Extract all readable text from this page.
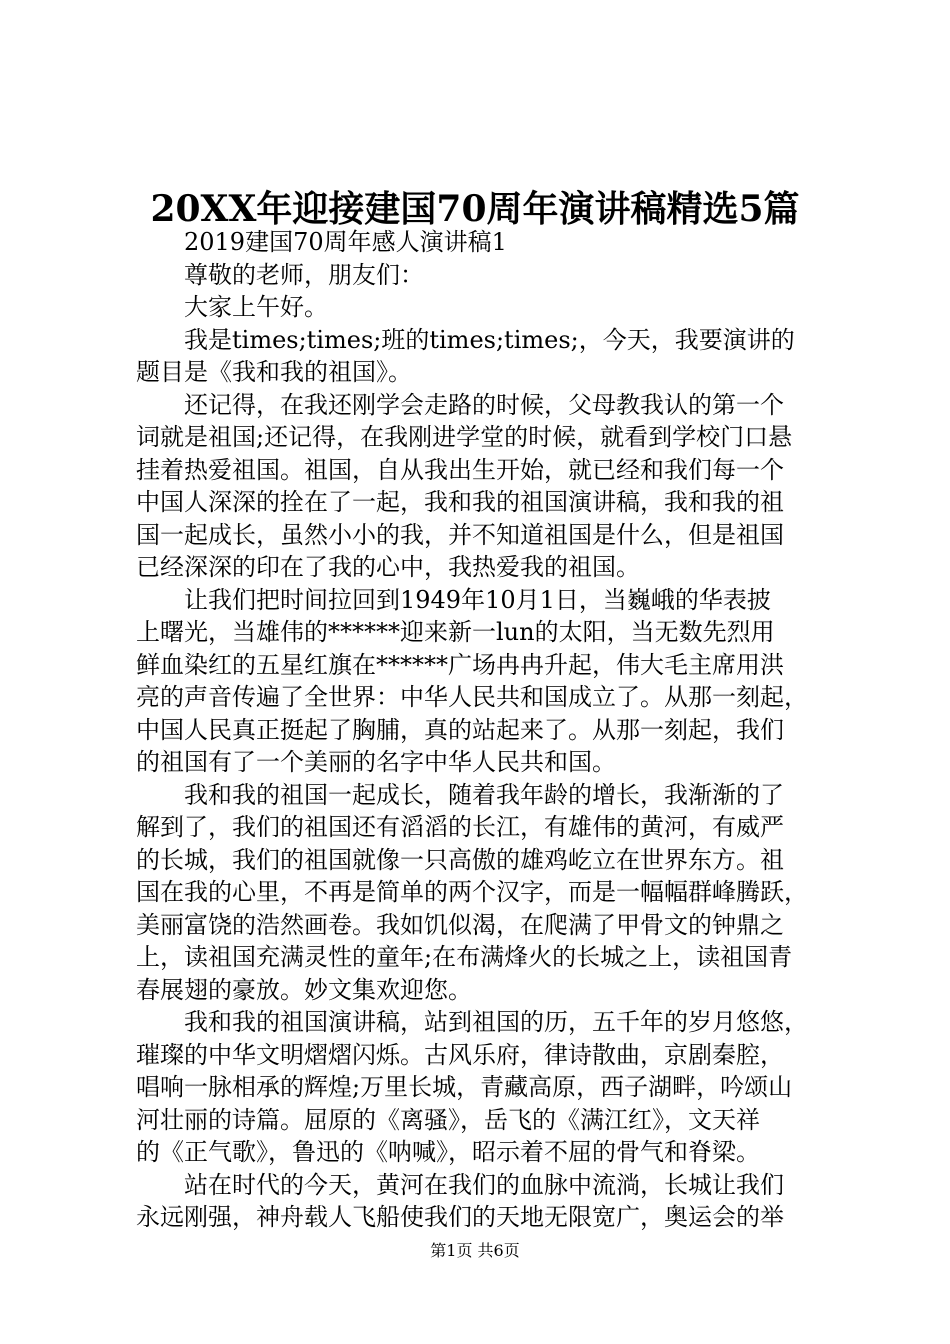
20XX年迎接建国70周年演讲稿精选5篇
　　2019建国70周年感人演讲稿1
　　尊敬的老师，朋友们：
　　大家上午好。
　　我是times;times;班的times;times;，今天，我要演讲的
题目是《我和我的祖国》。
　　还记得，在我还刚学会走路的时候，父母教我认的第一个
词就是祖国;还记得，在我刚进学堂的时候，就看到学校门口悬
挂着热爱祖国。祖国，自从我出生开始，就已经和我们每一个
中国人深深的拴在了一起，我和我的祖国演讲稿，我和我的祖
国一起成长，虽然小小的我，并不知道祖国是什么，但是祖国
已经深深的印在了我的心中，我热爱我的祖国。
　　让我们把时间拉回到1949年10月1日，当巍峨的华表披
上曙光，当雄伟的******迎来新一lun的太阳，当无数先烈用
鲜血染红的五星红旗在******广场冉冉升起，伟大毛主席用洪
亮的声音传遍了全世界：中华人民共和国成立了。从那一刻起，
中国人民真正挺起了胸脯，真的站起来了。从那一刻起，我们
的祖国有了一个美丽的名字中华人民共和国。
　　我和我的祖国一起成长，随着我年龄的增长，我渐渐的了
解到了，我们的祖国还有滔滔的长江，有雄伟的黄河，有威严
的长城，我们的祖国就像一只高傲的雄鸡屹立在世界东方。祖
国在我的心里，不再是简单的两个汉字，而是一幅幅群峰腾跃，
美丽富饶的浩然画卷。我如饥似渴，在爬满了甲骨文的钟鼎之
上，读祖国充满灵性的童年;在布满烽火的长城之上，读祖国青
春展翅的豪放。妙文集欢迎您。
　　我和我的祖国演讲稿，站到祖国的历，五千年的岁月悠悠，
璀璨的中华文明熠熠闪烁。古风乐府，律诗散曲，京剧秦腔，
唱响一脉相承的辉煌;万里长城，青藏高原，西子湖畔，吟颂山
河壮丽的诗篇。屈原的《离骚》，岳飞的《满江红》，文天祥
的《正气歌》，鲁迅的《呐喊》，昭示着不屈的骨气和脊梁。
　　站在时代的今天，黄河在我们的血脉中流淌，长城让我们
永远刚强，神舟载人飞船使我们的天地无限宽广，奥运会的举
第1页 共6页
